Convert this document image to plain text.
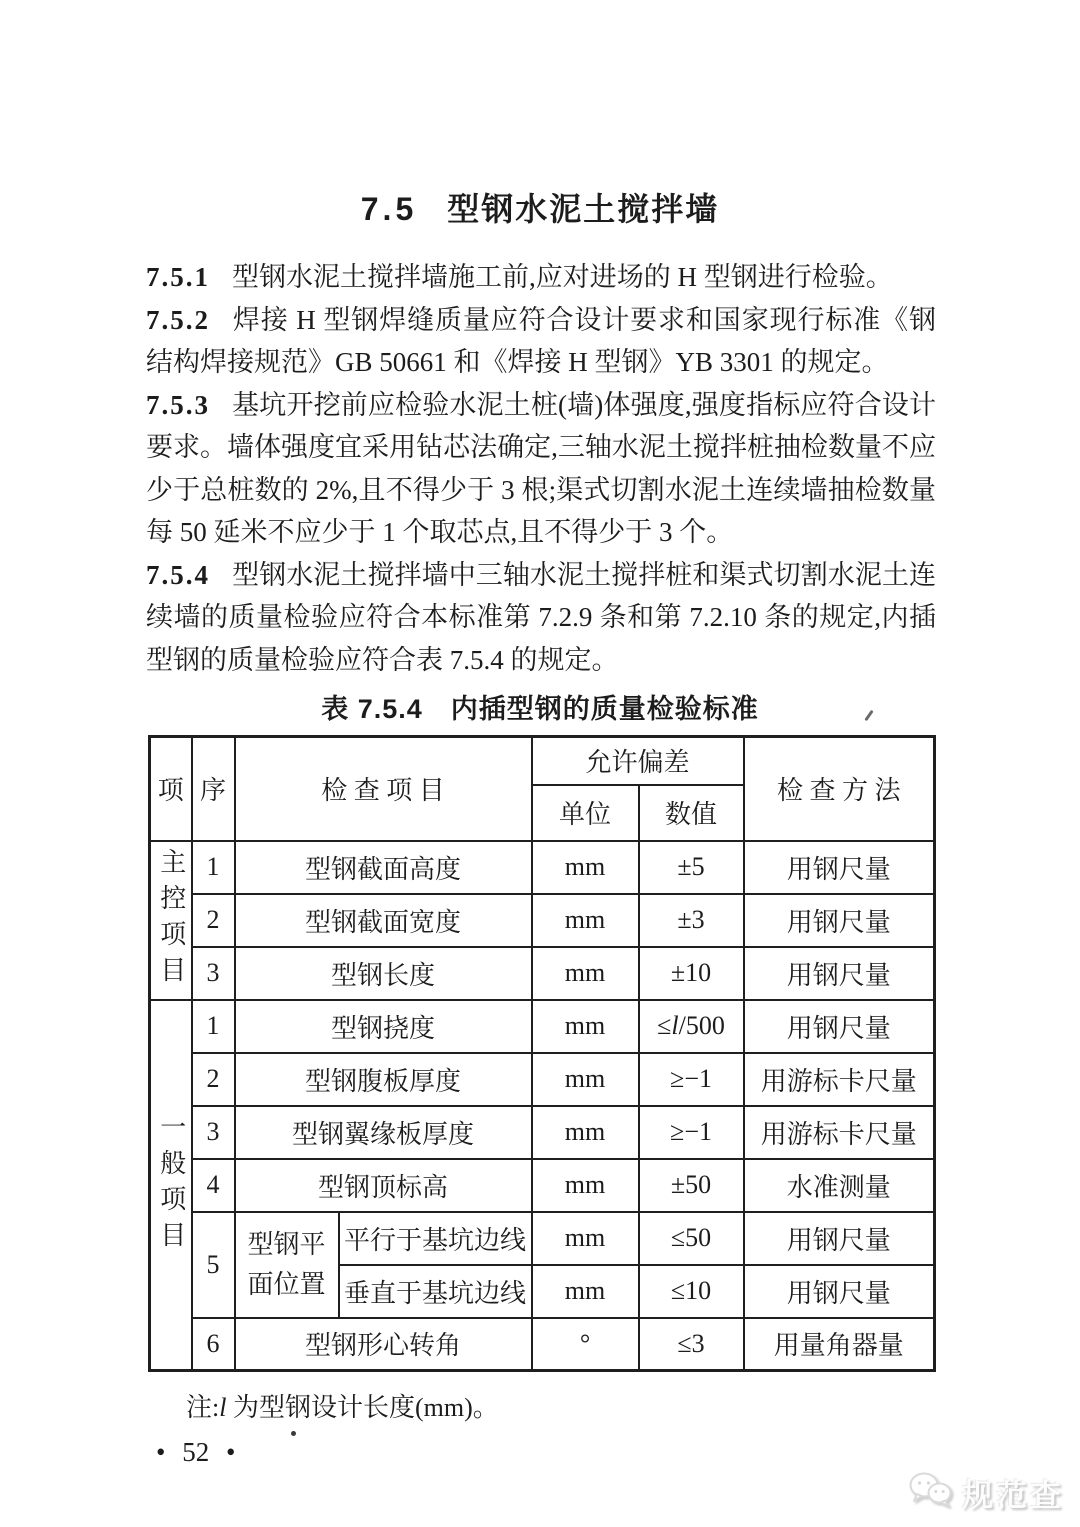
7.5 型钢水泥土搅拌墙

7.5.1 型钢水泥土搅拌墙施工前,应对进场的 H 型钢进行检验。

7.5.2 焊接 H 型钢焊缝质量应符合设计要求和国家现行标准《钢结构焊接规范》GB 50661 和《焊接 H 型钢》YB 3301 的规定。

7.5.3 基坑开挖前应检验水泥土桩(墙)体强度,强度指标应符合设计要求。墙体强度宜采用钻芯法确定,三轴水泥土搅拌桩抽检数量不应少于总桩数的 2%,且不得少于 3 根;渠式切割水泥土连续墙抽检数量每 50 延米不应少于 1 个取芯点,且不得少于 3 个。

7.5.4 型钢水泥土搅拌墙中三轴水泥土搅拌桩和渠式切割水泥土连续墙的质量检验应符合本标准第 7.2.9 条和第 7.2.10 条的规定,内插型钢的质量检验应符合表 7.5.4 的规定。

表 7.5.4　内插型钢的质量检验标准
项	序	检 查 项 目		允许偏差		检 查 方 法
				单位	数值	
主控项目	1	型钢截面高度		mm	±5	用钢尺量
	2	型钢截面宽度		mm	±3	用钢尺量
	3	型钢长度		mm	±10	用钢尺量
一般项目	1	型钢挠度		mm	≤l/500	用钢尺量
	2	型钢腹板厚度		mm	≥−1	用游标卡尺量
	3	型钢翼缘板厚度		mm	≥−1	用游标卡尺量
	4	型钢顶标高		mm	±50	水准测量
	5	型钢平面位置	平行于基坑边线	mm	≤50	用钢尺量
			垂直于基坑边线	mm	≤10	用钢尺量
	6	型钢形心转角		°	≤3	用量角器量
注:l 为型钢设计长度(mm)。
• 52 •
规范查
